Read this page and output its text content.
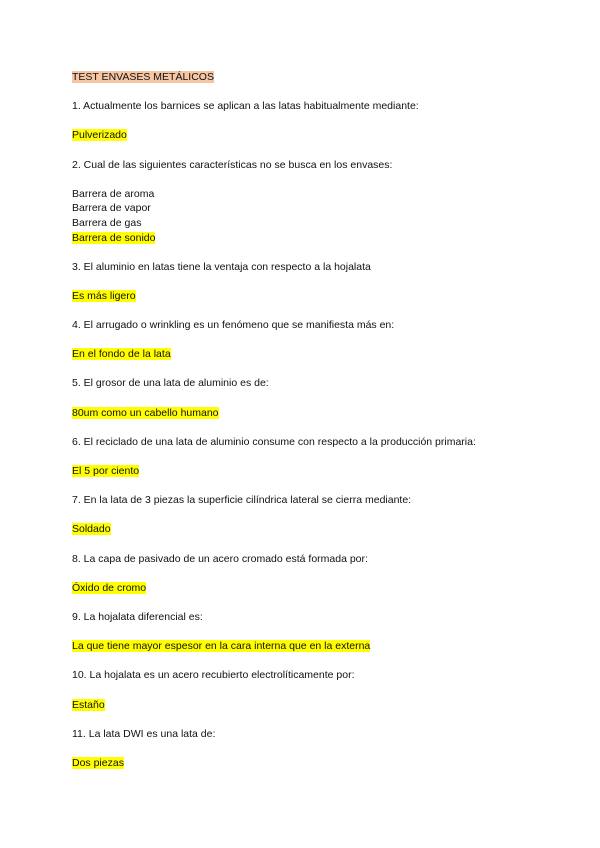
TEST ENVASES METÁLICOS
1. Actualmente los barnices se aplican a las latas habitualmente mediante:
Pulverizado
2. Cual de las siguientes características no se busca en los envases:
Barrera de aroma
Barrera de vapor
Barrera de gas
Barrera de sonido
3. El aluminio en latas tiene la ventaja con respecto a la hojalata
Es más ligero
4. El arrugado o wrinkling es un fenómeno que se manifiesta más en:
En el fondo de la lata
5. El grosor de una lata de aluminio es de:
80um como un cabello humano
6. El reciclado de una lata de aluminio consume con respecto a la producción primaria:
El 5 por ciento
7. En la lata de 3 piezas la superficie cilíndrica lateral se cierra mediante:
Soldado
8. La capa de pasivado de un acero cromado está formada por:
Óxido de cromo
9. La hojalata diferencial es:
La que tiene mayor espesor en la cara interna que en la externa
10. La hojalata es un acero recubierto electrolíticamente por:
Estaño
11. La lata DWI es una lata de:
Dos piezas
